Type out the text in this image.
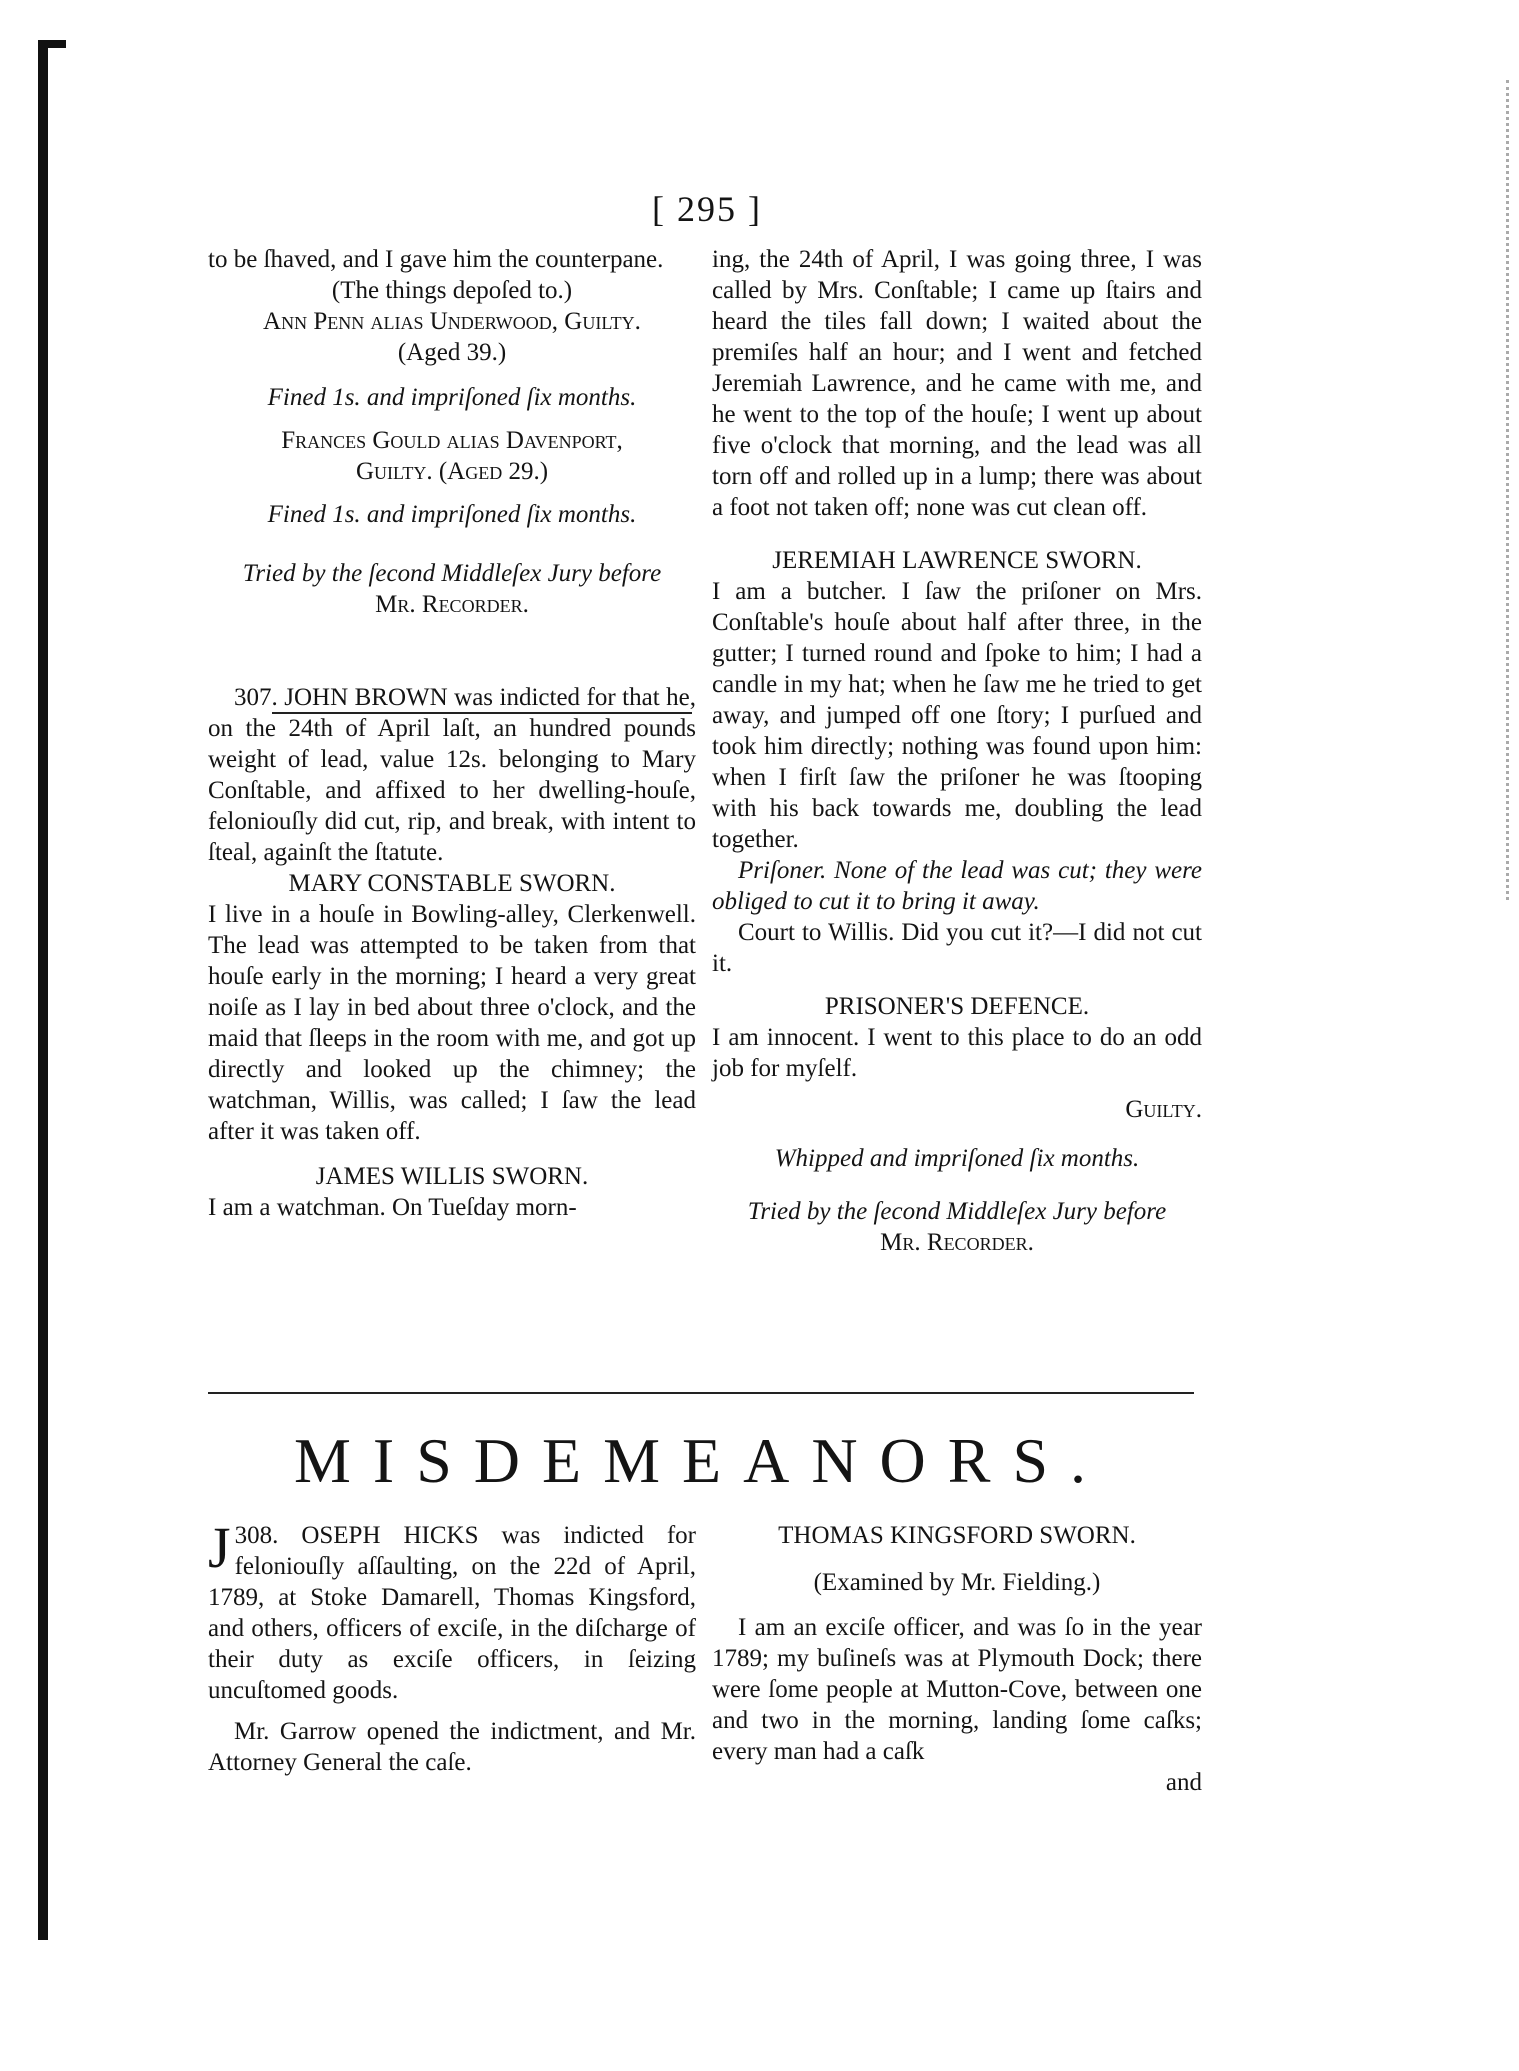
[ 295 ]

to be ſhaved, and I gave him the counterpane.

(The things depoſed to.)

Ann Penn alias Underwood, Guilty.

(Aged 39.)

Fined 1s. and impriſoned ſix months.

Frances Gould alias Davenport,

Guilty. (Aged 29.)

Fined 1s. and impriſoned ſix months.

Tried by the ſecond Middleſex Jury before

Mr. Recorder.

307. JOHN BROWN was indicted for that he, on the 24th of April laſt, an hundred pounds weight of lead, value 12s. belonging to Mary Conſtable, and affixed to her dwelling-houſe, feloniouſly did cut, rip, and break, with intent to ſteal, againſt the ſtatute.

MARY CONSTABLE SWORN.

I live in a houſe in Bowling-alley, Clerkenwell. The lead was attempted to be taken from that houſe early in the morning; I heard a very great noiſe as I lay in bed about three o'clock, and the maid that ſleeps in the room with me, and got up directly and looked up the chimney; the watchman, Willis, was called; I ſaw the lead after it was taken off.

JAMES WILLIS SWORN.

I am a watchman. On Tueſday morn-

ing, the 24th of April, I was going three, I was called by Mrs. Conſtable; I came up ſtairs and heard the tiles fall down; I waited about the premiſes half an hour; and I went and fetched Jeremiah Lawrence, and he came with me, and he went to the top of the houſe; I went up about five o'clock that morning, and the lead was all torn off and rolled up in a lump; there was about a foot not taken off; none was cut clean off.

JEREMIAH LAWRENCE SWORN.

I am a butcher. I ſaw the priſoner on Mrs. Conſtable's houſe about half after three, in the gutter; I turned round and ſpoke to him; I had a candle in my hat; when he ſaw me he tried to get away, and jumped off one ſtory; I purſued and took him directly; nothing was found upon him: when I firſt ſaw the priſoner he was ſtooping with his back towards me, doubling the lead together.

Priſoner. None of the lead was cut; they were obliged to cut it to bring it away.

Court to Willis. Did you cut it?—I did not cut it.

PRISONER'S DEFENCE.

I am innocent. I went to this place to do an odd job for myſelf.

Guilty.

Whipped and impriſoned ſix months.

Tried by the ſecond Middleſex Jury before

Mr. Recorder.

MISDEMEANORS.

308.
J	OSEPH HICKS was indicted for feloniouſly aſſaulting, on the 22d of April, 1789, at Stoke Damarell, Thomas Kingsford, and others, officers of exciſe, in the diſcharge of their duty as exciſe officers, in ſeizing uncuſtomed goods.

Mr. Garrow opened the indictment, and Mr. Attorney General the caſe.

THOMAS KINGSFORD SWORN.

(Examined by Mr. Fielding.)

I am an exciſe officer, and was ſo in the year 1789; my buſineſs was at Plymouth Dock; there were ſome people at Mutton-Cove, between one and two in the morning, landing ſome caſks; every man had a caſk

and
